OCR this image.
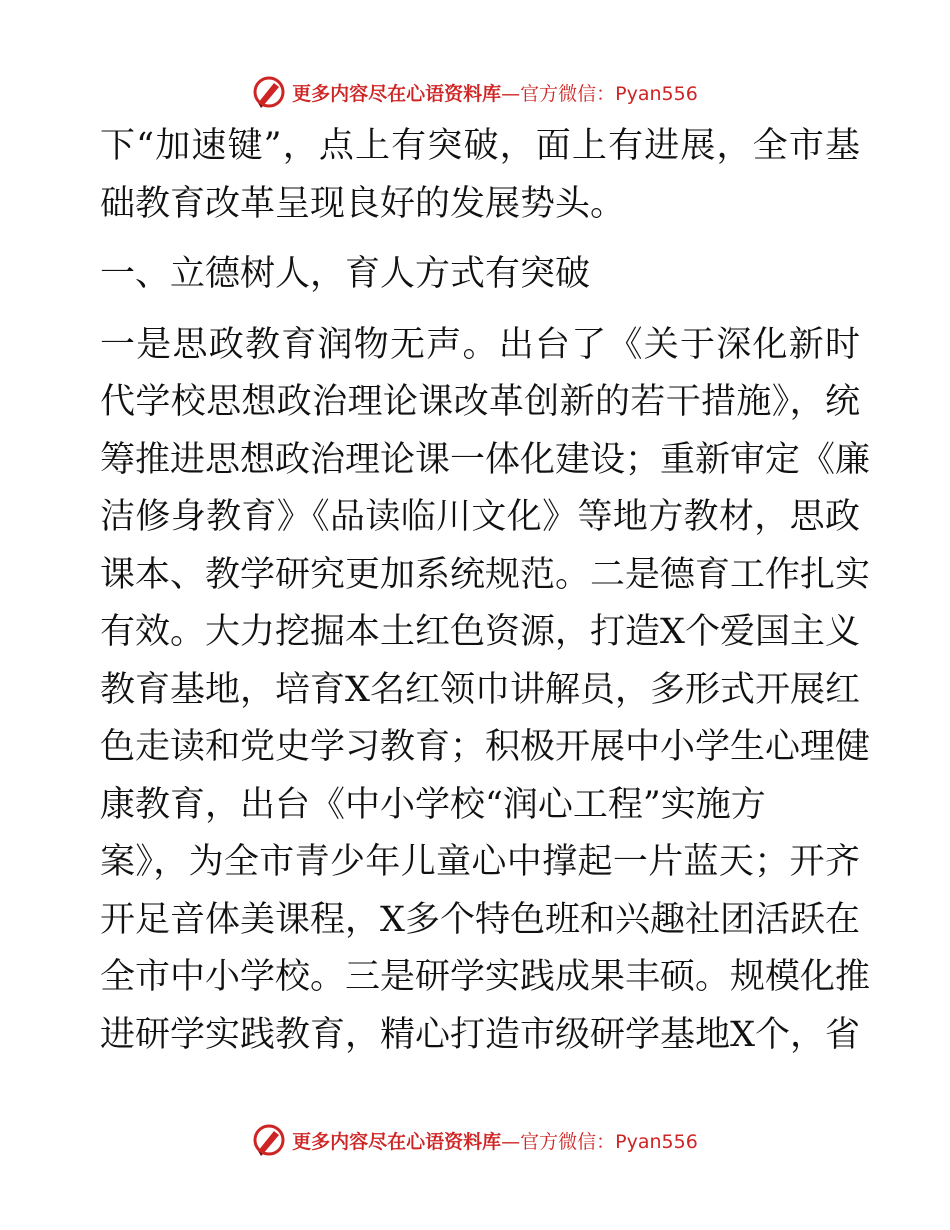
更多内容尽在心语资料库—官方微信：Pyan556
下“加速键”，点上有突破，面上有进展，全市基
础教育改革呈现良好的发展势头。
一、立德树人，育人方式有突破
一是思政教育润物无声。出台了《关于深化新时
代学校思想政治理论课改革创新的若干措施》，统
筹推进思想政治理论课一体化建设；重新审定《廉
洁修身教育》《品读临川文化》等地方教材，思政
课本、教学研究更加系统规范。二是德育工作扎实
有效。大力挖掘本土红色资源，打造X个爱国主义
教育基地，培育X名红领巾讲解员，多形式开展红
色走读和党史学习教育；积极开展中小学生心理健
康教育，出台《中小学校“润心工程”实施方
案》，为全市青少年儿童心中撑起一片蓝天；开齐
开足音体美课程，X多个特色班和兴趣社团活跃在
全市中小学校。三是研学实践成果丰硕。规模化推
进研学实践教育，精心打造市级研学基地X个，省
更多内容尽在心语资料库—官方微信：Pyan556
